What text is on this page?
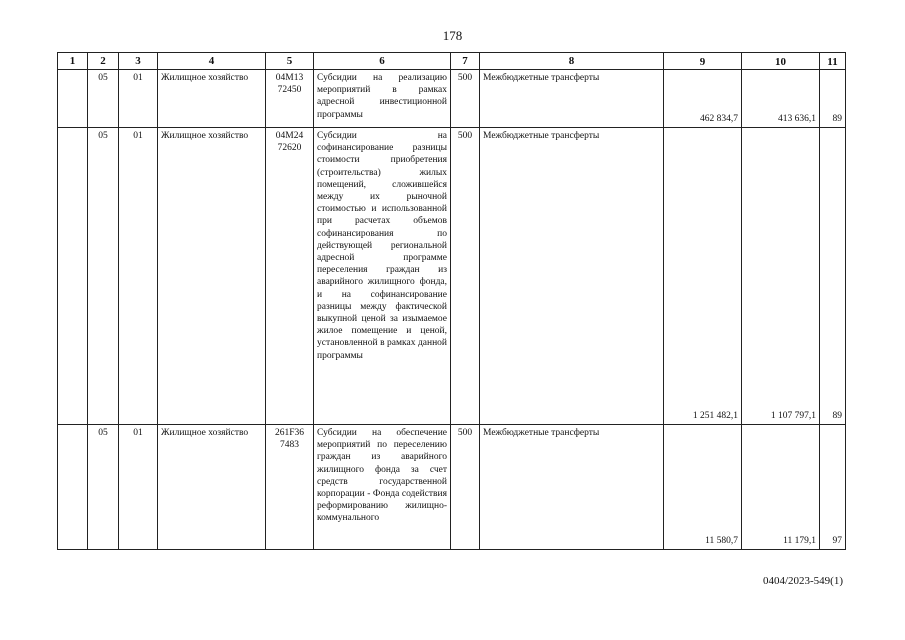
178
1	2	3	4	5	6	7	8	9	10	11
	05	01	Жилищное хозяйство	04М13 72450	Субсидии на реализацию мероприятий в рамках адресной инвестиционной программы	500	Межбюджетные трансферты	462 834,7	413 636,1	89
	05	01	Жилищное хозяйство	04М24 72620	Субсидии на софинансирование разницы стоимости приобретения (строительства) жилых помещений, сложившейся между их рыночной стоимостью и использованной при расчетах объемов софинансирования по действующей региональной адресной программе переселения граждан из аварийного жилищного фонда, и на софинансирование разницы между фактической выкупной ценой за изымаемое жилое помещение и ценой, установленной в рамках данной программы	500	Межбюджетные трансферты	1 251 482,1	1 107 797,1	89
	05	01	Жилищное хозяйство	261F36 7483	Субсидии на обеспечение мероприятий по переселению граждан из аварийного жилищного фонда за счет средств государственной корпорации - Фонда содействия реформированию жилищно-коммунального	500	Межбюджетные трансферты	11 580,7	11 179,1	97
0404/2023-549(1)
